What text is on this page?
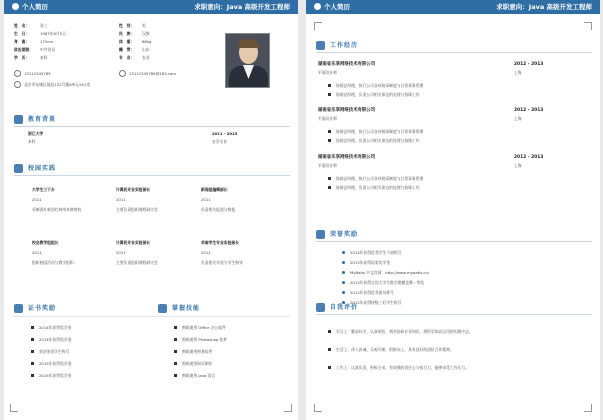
个人简历	求职意向：Java 高级开发工程师
姓　名：	张三
生　日：	1987年6月5日
身　高：	175cm
政治面貌： 中共党员
学　历：	本科
性　别： 男
民　族： 汉族
体　重： 68kg
籍　贯： 山东
专　业： 农业
13112345789	13112345789@163.com
北京市东城区地址122号楼6单元501室
教育背景
浙江大学	2011 - 2015
本科	农学专业
校园实践
大学生三下乡
2011
采摘西红柿西红柿用来修剪枝
计算机专业实验部长
2011
主要负责组织课程研讨会
新闻组编辑部长
2011
负责相关报道与简报
校会教学组组长
2011
组织校园活动与教学组织
计算机专业实验部长
2011
主要负责组织课程研讨会
华南学生专业实验部长
2011
负责相关实验与学生指导
证书奖励	掌握技能
2014年获得奖学金
2014年获得奖学金
荣获荣誉学生称号
2015年获得奖学金
2015年获得奖学金
熟练使用 Office 办公软件
熟练使用 Photoshop 软件
熟练使用财务软件
熟练使用网页制作
熟练使用 Java 语言
个人简历	求职意向：Java 高级开发工程师
工作经历
湖南省乐享网络技术有限公司	2012 - 2013
平面设计师	上海
协助总经理，执行公司各项规章制度与日常事务管理
协助总经理，负责公司相关事宜的处理与协调工作
湖南省乐享网络技术有限公司	2012 - 2013
平面设计师	上海
协助总经理，执行公司各项规章制度与日常事务管理
协助总经理，负责公司相关事宜的处理与协调工作
湖南省乐享网络技术有限公司	2012 - 2013
平面设计师	上海
协助总经理，执行公司各项规章制度与日常事务管理
协助总经理，负责公司相关事宜的处理与协调工作
荣誉奖励
2014年获得优秀学生干部称号
2013年获得国家奖学金
MyBatis 中文官网：http://www.mybatis.cn/
2013年获得全国大学生数学建模竞赛一等奖
2012年获得优秀团员称号
2012年获得校级三好学生称号
自我评价
学习上：勤奋好学，认真刻苦，刻苦钻研专业知识，将所学知识运用到实践中去。
生活上：待人真诚，乐观开朗，积极向上，具有良好的团队合作精神。
工作上：认真负责，积极主动，有较强的责任心与执行力，能够承受工作压力。
